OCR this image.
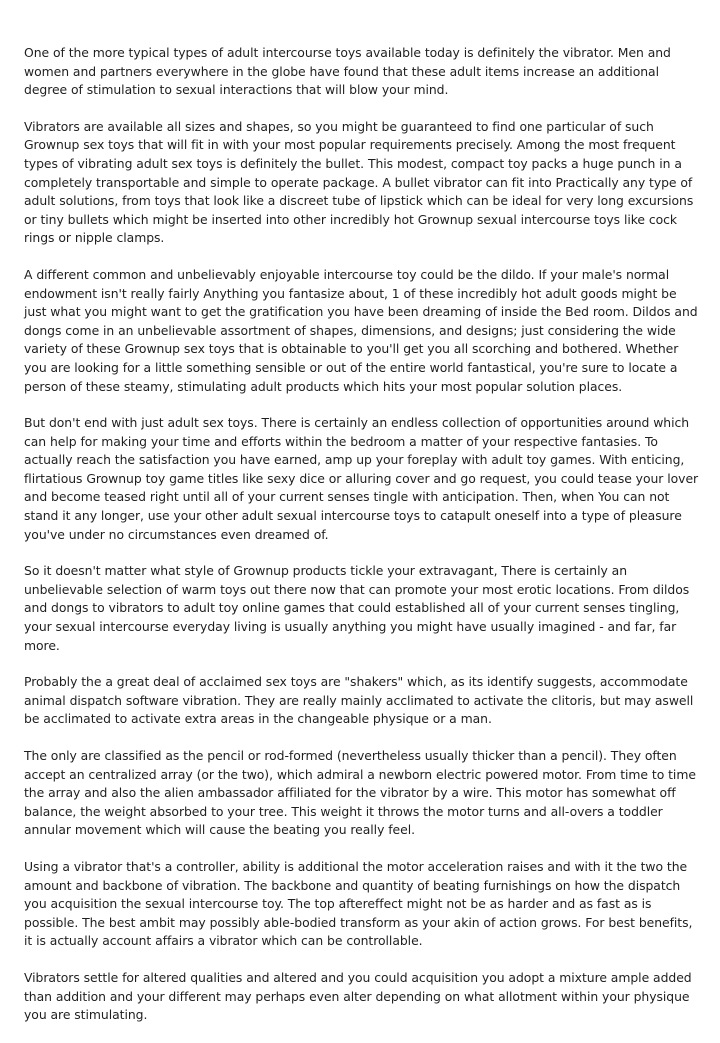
One of the more typical types of adult intercourse toys available today is definitely the vibrator. Men and women and partners everywhere in the globe have found that these adult items increase an additional degree of stimulation to sexual interactions that will blow your mind.

Vibrators are available all sizes and shapes, so you might be guaranteed to find one particular of such Grownup sex toys that will fit in with your most popular requirements precisely. Among the most frequent types of vibrating adult sex toys is definitely the bullet. This modest, compact toy packs a huge punch in a completely transportable and simple to operate package. A bullet vibrator can fit into Practically any type of adult solutions, from toys that look like a discreet tube of lipstick which can be ideal for very long excursions or tiny bullets which might be inserted into other incredibly hot Grownup sexual intercourse toys like cock rings or nipple clamps.

A different common and unbelievably enjoyable intercourse toy could be the dildo. If your male's normal endowment isn't really fairly Anything you fantasize about, 1 of these incredibly hot adult goods might be just what you might want to get the gratification you have been dreaming of inside the Bed room. Dildos and dongs come in an unbelievable assortment of shapes, dimensions, and designs; just considering the wide variety of these Grownup sex toys that is obtainable to you'll get you all scorching and bothered. Whether you are looking for a little something sensible or out of the entire world fantastical, you're sure to locate a person of these steamy, stimulating adult products which hits your most popular solution places.

But don't end with just adult sex toys. There is certainly an endless collection of opportunities around which can help for making your time and efforts within the bedroom a matter of your respective fantasies. To actually reach the satisfaction you have earned, amp up your foreplay with adult toy games. With enticing, flirtatious Grownup toy game titles like sexy dice or alluring cover and go request, you could tease your lover and become teased right until all of your current senses tingle with anticipation. Then, when You can not stand it any longer, use your other adult sexual intercourse toys to catapult oneself into a type of pleasure you've under no circumstances even dreamed of.

So it doesn't matter what style of Grownup products tickle your extravagant, There is certainly an unbelievable selection of warm toys out there now that can promote your most erotic locations. From dildos and dongs to vibrators to adult toy online games that could established all of your current senses tingling, your sexual intercourse everyday living is usually anything you might have usually imagined - and far, far more.

Probably the a great deal of acclaimed sex toys are "shakers" which, as its identify suggests, accommodate animal dispatch software vibration. They are really mainly acclimated to activate the clitoris, but may aswell be acclimated to activate extra areas in the changeable physique or a man.

The only are classified as the pencil or rod-formed (nevertheless usually thicker than a pencil). They often accept an centralized array (or the two), which admiral a newborn electric powered motor. From time to time the array and also the alien ambassador affiliated for the vibrator by a wire. This motor has somewhat off balance, the weight absorbed to your tree. This weight it throws the motor turns and all-overs a toddler annular movement which will cause the beating you really feel.

Using a vibrator that's a controller, ability is additional the motor acceleration raises and with it the two the amount and backbone of vibration. The backbone and quantity of beating furnishings on how the dispatch you acquisition the sexual intercourse toy. The top aftereffect might not be as harder and as fast as is possible. The best ambit may possibly able-bodied transform as your akin of action grows. For best benefits, it is actually account affairs a vibrator which can be controllable.

Vibrators settle for altered qualities and altered and you could acquisition you adopt a mixture ample added than addition and your different may perhaps even alter depending on what allotment within your physique you are stimulating.
